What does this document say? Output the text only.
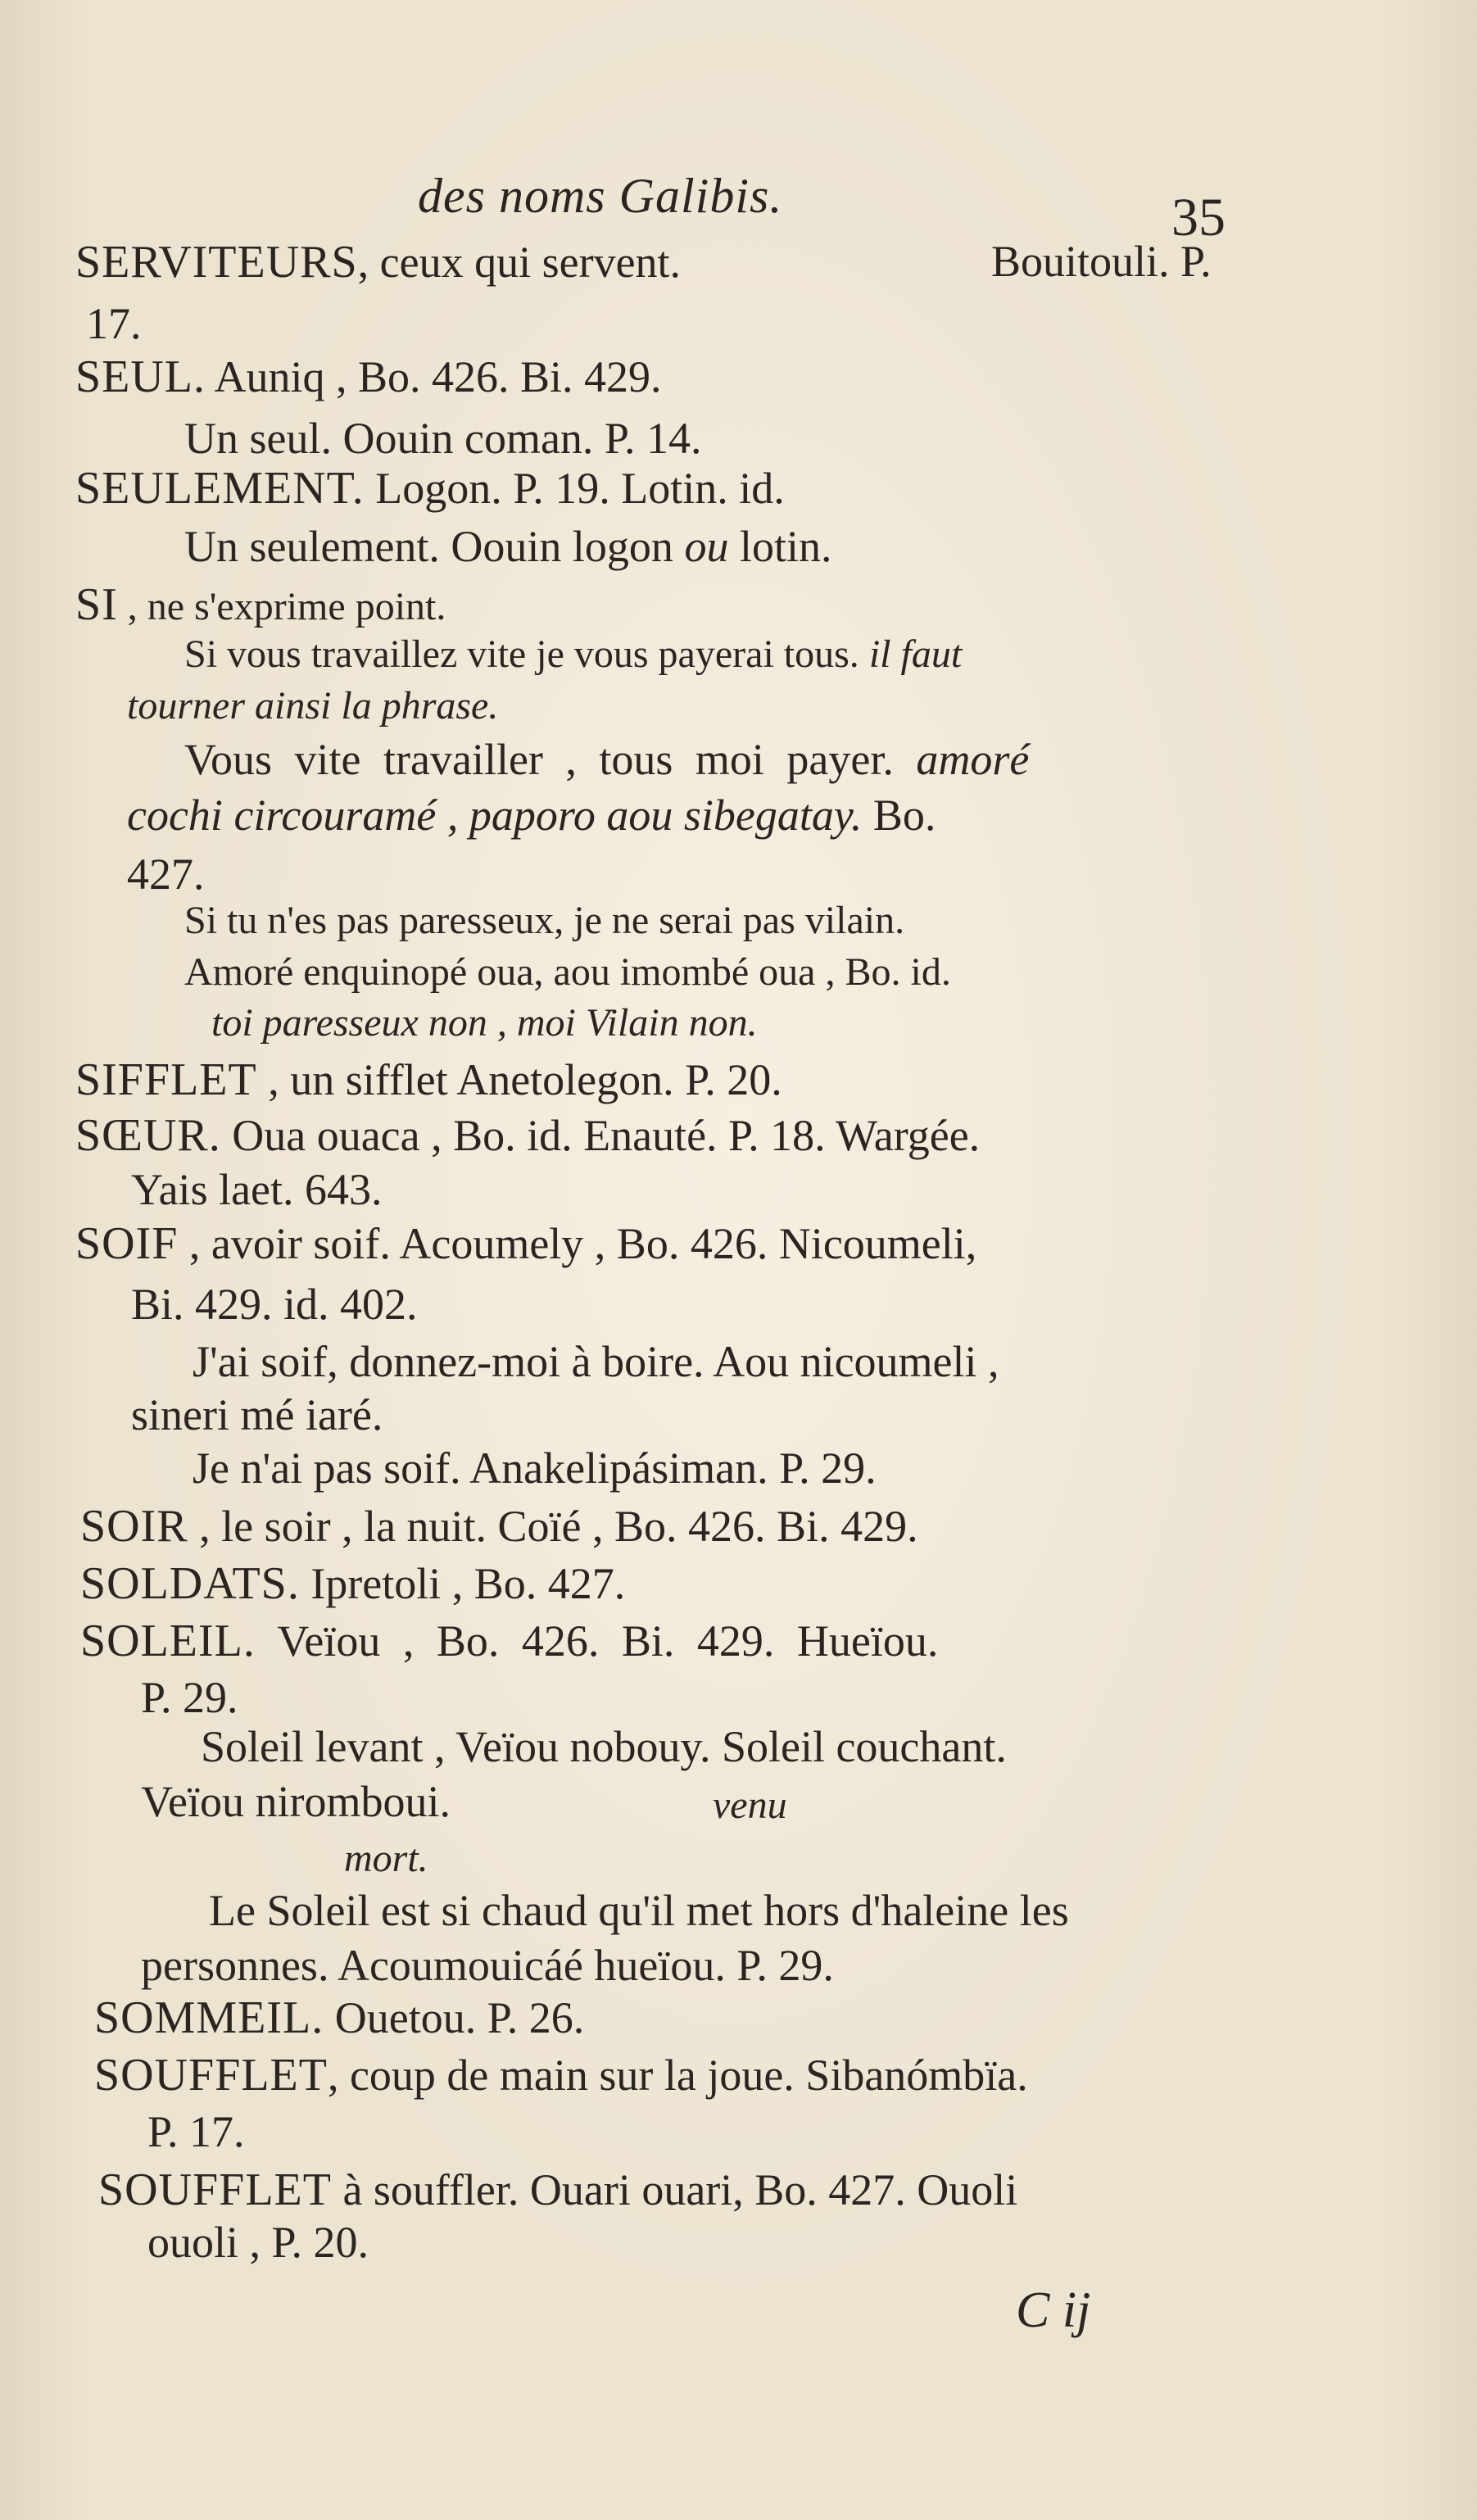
des noms Galibis.	35
SERVITEURS, ceux qui servent.	Bouitouli. P.
17.
SEUL. Auniq , Bo. 426. Bi. 429.
Un seul. Oouin coman. P. 14.
SEULEMENT. Logon. P. 19. Lotin. id.
Un seulement. Oouin logon ou lotin.
SI , ne s'exprime point.
Si vous travaillez vite je vous payerai tous. il faut
tourner ainsi la phrase.
Vous vite travailler , tous moi payer. amoré
cochi circouramé , paporo aou sibegatay. Bo.
427.
Si tu n'es pas paresseux, je ne serai pas vilain.
Amoré enquinopé oua, aou imombé oua , Bo. id.
toi paresseux non , moi Vilain non.
SIFFLET , un sifflet Anetolegon. P. 20.
SŒUR. Oua ouaca , Bo. id. Enauté. P. 18. Wargée.
Yais laet. 643.
SOIF , avoir soif. Acoumely , Bo. 426. Nicoumeli,
Bi. 429. id. 402.
J'ai soif, donnez-moi à boire. Aou nicoumeli ,
sineri mé iaré.
Je n'ai pas soif. Anakelipásiman. P. 29.
SOIR , le soir , la nuit. Coïé , Bo. 426. Bi. 429.
SOLDATS. Ipretoli , Bo. 427.
SOLEIL. Veïou , Bo. 426. Bi. 429. Hueïou.
P. 29.
Soleil levant , Veïou nobouy. Soleil couchant.
Veïou niromboui.	venu
mort.
Le Soleil est si chaud qu'il met hors d'haleine les
personnes. Acoumouicáé hueïou. P. 29.
SOMMEIL. Ouetou. P. 26.
SOUFFLET, coup de main sur la joue. Sibanómbïa.
P. 17.
SOUFFLET à souffler. Ouari ouari, Bo. 427. Ouoli
ouoli , P. 20.
C ij
